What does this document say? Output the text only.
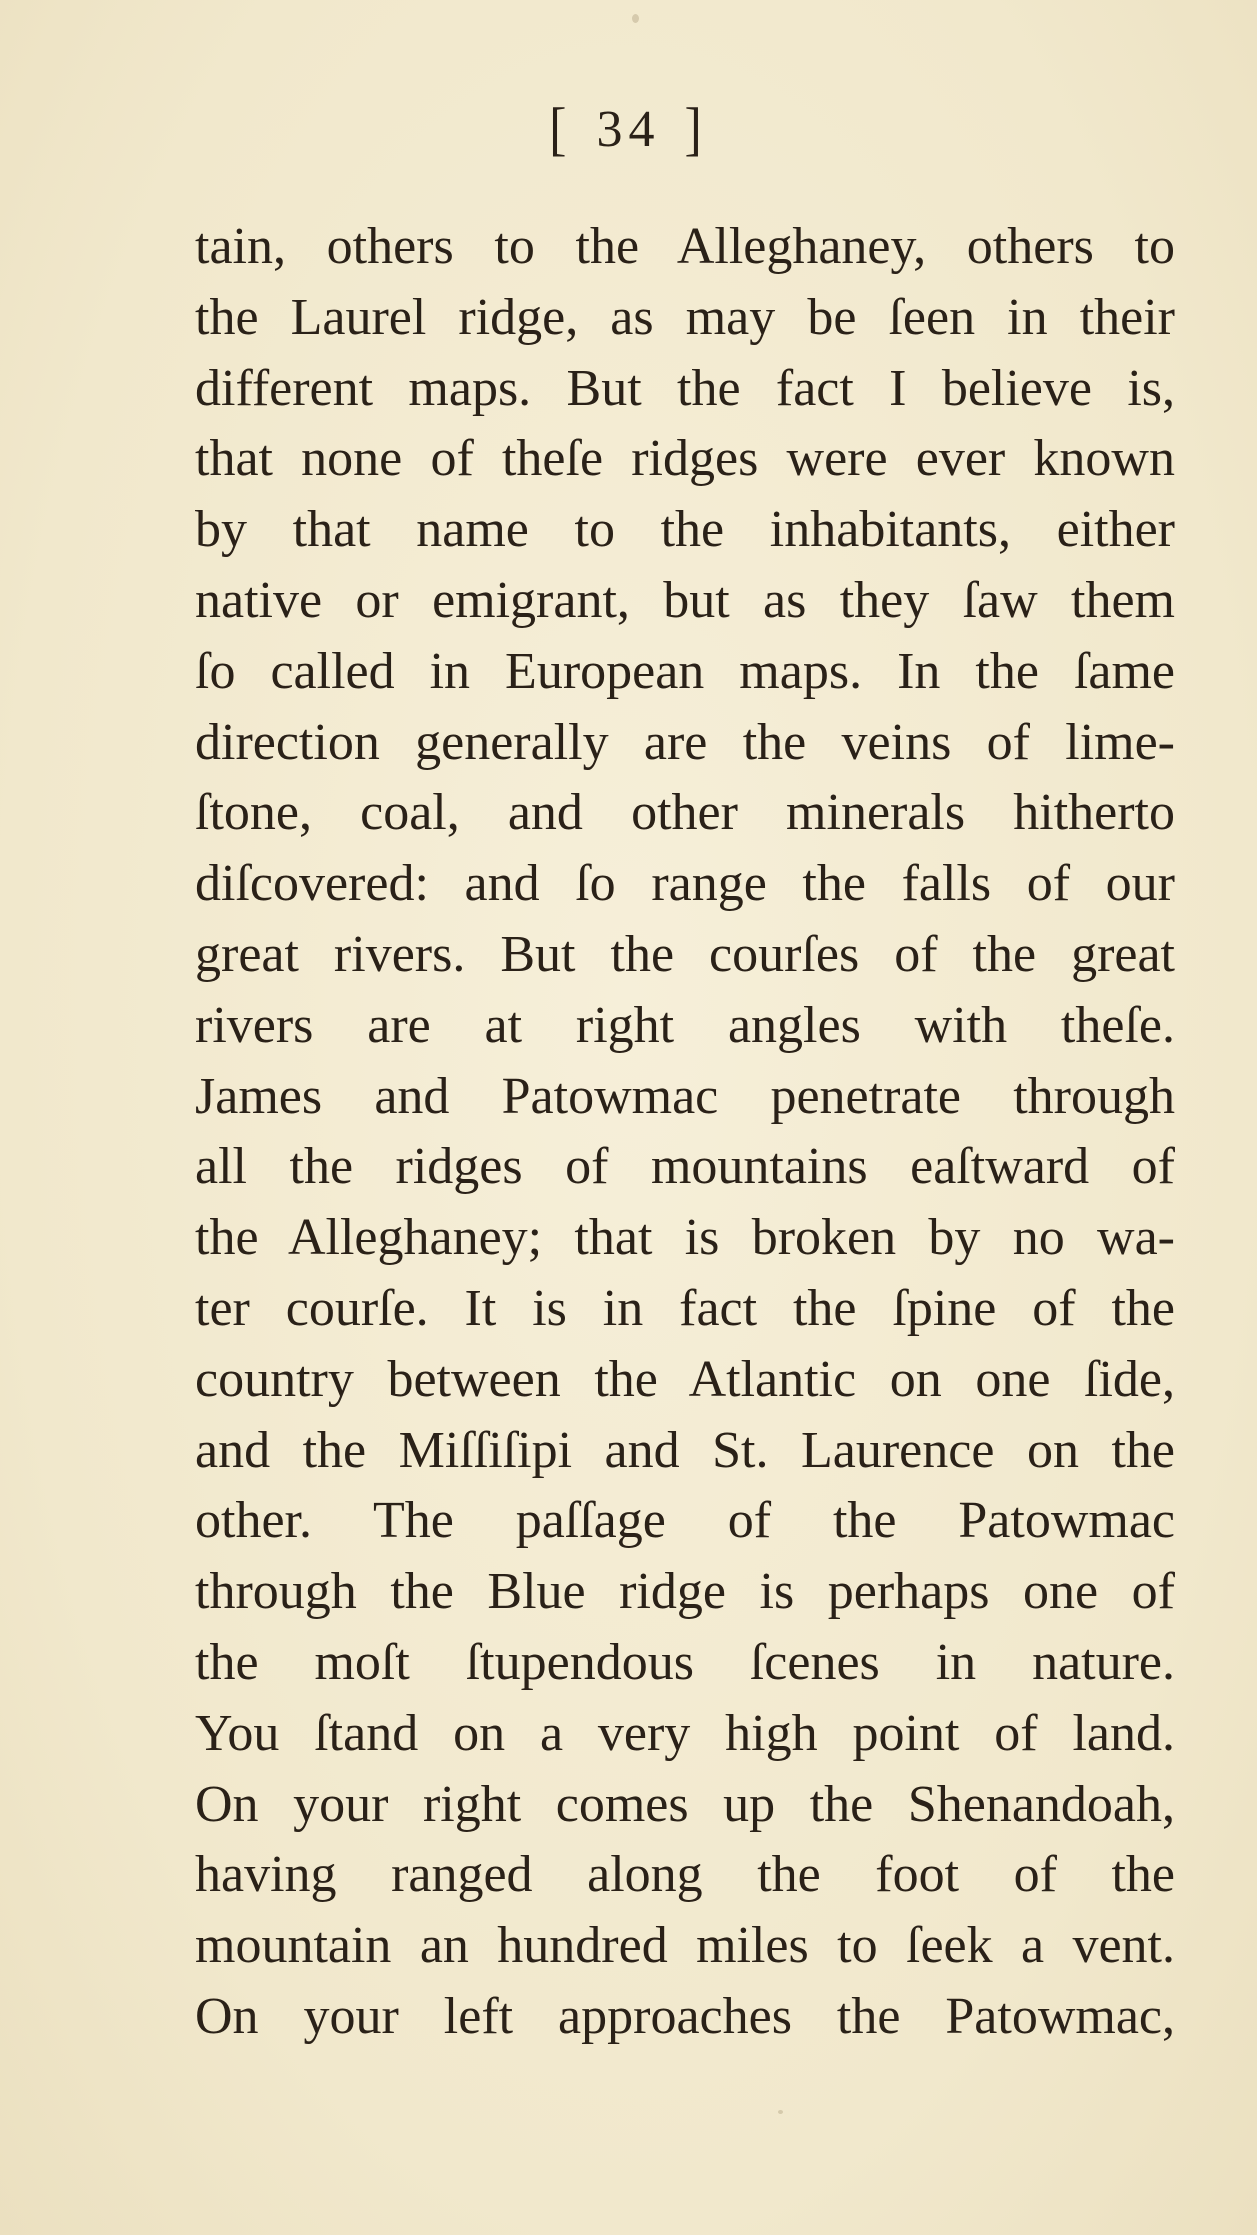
[ 34 ]
tain, others to the Alleghaney, others to
the Laurel ridge, as may be ſeen in their
different maps. But the fact I believe is,
that none of theſe ridges were ever known
by that name to the inhabitants, either
native or emigrant, but as they ſaw them
ſo called in European maps. In the ſame
direction generally are the veins of lime-
ſtone, coal, and other minerals hitherto
diſcovered: and ſo range the falls of our
great rivers. But the courſes of the great
rivers are at right angles with theſe.
James and Patowmac penetrate through
all the ridges of mountains eaſtward of
the Alleghaney; that is broken by no wa-
ter courſe. It is in fact the ſpine of the
country between the Atlantic on one ſide,
and the Miſſiſipi and St. Laurence on the
other. The paſſage of the Patowmac
through the Blue ridge is perhaps one of
the moſt ſtupendous ſcenes in nature.
You ſtand on a very high point of land.
On your right comes up the Shenandoah,
having ranged along the foot of the
mountain an hundred miles to ſeek a vent.
On your left approaches the Patowmac,
